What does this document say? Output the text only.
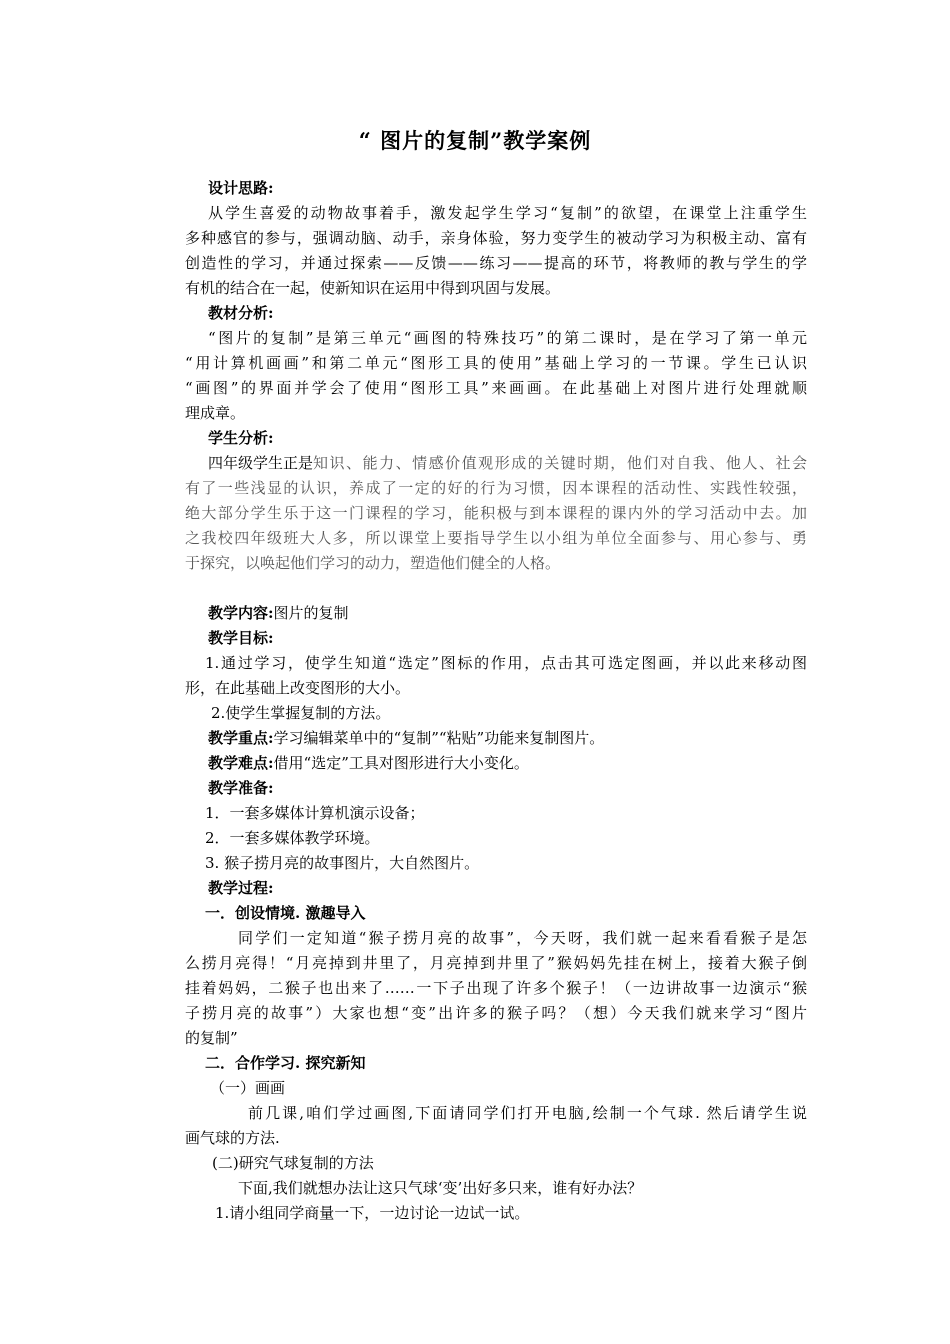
“ 图片的复制”教学案例
设计思路:
从学生喜爱的动物故事着手，激发起学生学习“复制”的欲望，在课堂上注重学生
多种感官的参与，强调动脑、动手，亲身体验，努力变学生的被动学习为积极主动、富有
创造性的学习，并通过探索——反馈——练习——提高的环节，将教师的教与学生的学
有机的结合在一起，使新知识在运用中得到巩固与发展。
教材分析:
“图片的复制”是第三单元“画图的特殊技巧”的第二课时，是在学习了第一单元
“用计算机画画”和第二单元“图形工具的使用”基础上学习的一节课。学生已认识
“画图”的界面并学会了使用“图形工具”来画画。在此基础上对图片进行处理就顺
理成章。
学生分析:
四年级学生正是 知识、能力、情感价值观形成的关键时期，他们对自我、他人、社会
有了一些浅显的认识，养成了一定的好的行为习惯，因本课程的活动性、实践性较强，
绝大部分学生乐于这一门课程的学习，能积极与到本课程的课内外的学习活动中去。加
之我校四年级班大人多，所以课堂上要指导学生以小组为单位全面参与、用心参与、勇
于探究，以唤起他们学习的动力，塑造他们健全的人格。
教学内容:图片的复制
教学目标:
1.通过学习，使学生知道“选定”图标的作用，点击其可选定图画，并以此来移动图
形，在此基础上改变图形的大小。
2.使学生掌握复制的方法。
教学重点:学习编辑菜单中的“复制”“粘贴”功能来复制图片。
教学难点:借用“选定”工具对图形进行大小变化。
教学准备:
1．一套多媒体计算机演示设备；
2．一套多媒体教学环境。
3. 猴子捞月亮的故事图片，大自然图片。
教学过程:
一．创设情境. 激趣导入
同学们一定知道“猴子捞月亮的故事”，今天呀，我们就一起来看看猴子是怎
么捞月亮得！“月亮掉到井里了，月亮掉到井里了”猴妈妈先挂在树上，接着大猴子倒
挂着妈妈，二猴子也出来了……一下子出现了许多个猴子！（一边讲故事一边演示“猴
子捞月亮的故事”）大家也想“变”出许多的猴子吗？（想）今天我们就来学习“图片
的复制”
二．合作学习. 探究新知
（一）画画
前几课,咱们学过画图,下面请同学们打开电脑,绘制一个气球. 然后请学生说
画气球的方法.
(二)研究气球复制的方法
下面,我们就想办法让这只气球‘变’出好多只来，谁有好办法？
1.请小组同学商量一下，一边讨论一边试一试。
